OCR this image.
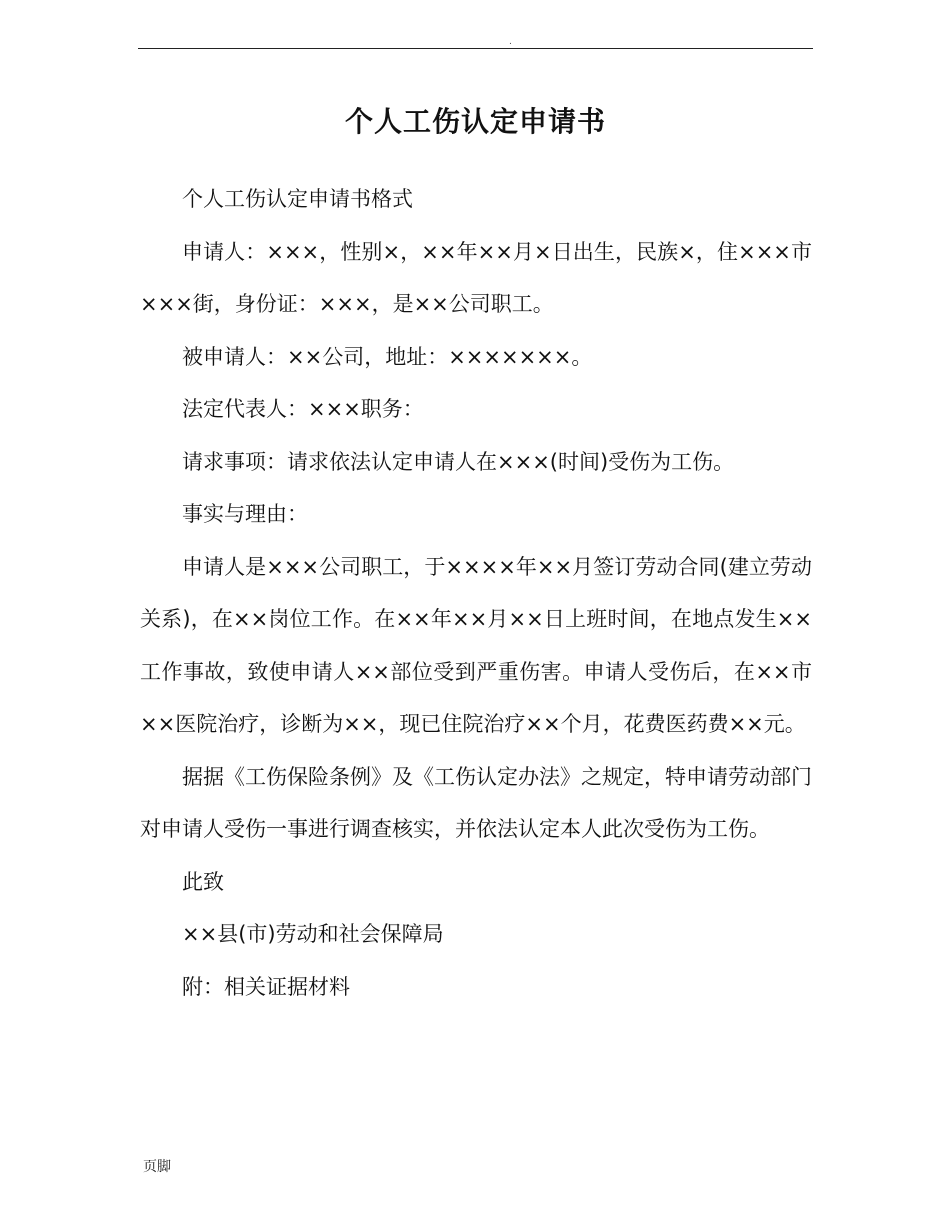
.
个人工伤认定申请书

个人工伤认定申请书格式

申请人：×××，性别×，××年××月×日出生，民族×，住×××市×××街，身份证：×××，是××公司职工。

被申请人：××公司，地址：×××××××。

法定代表人：×××职务：

请求事项：请求依法认定申请人在×××(时间)受伤为工伤。

事实与理由：

申请人是×××公司职工，于××××年××月签订劳动合同(建立劳动关系)，在××岗位工作。在××年××月××日上班时间，在地点发生××工作事故，致使申请人××部位受到严重伤害。申请人受伤后，在××市××医院治疗，诊断为××，现已住院治疗××个月，花费医药费××元。

据据《工伤保险条例》及《工伤认定办法》之规定，特申请劳动部门对申请人受伤一事进行调查核实，并依法认定本人此次受伤为工伤。

此致

××县(市)劳动和社会保障局

附：相关证据材料

页脚
